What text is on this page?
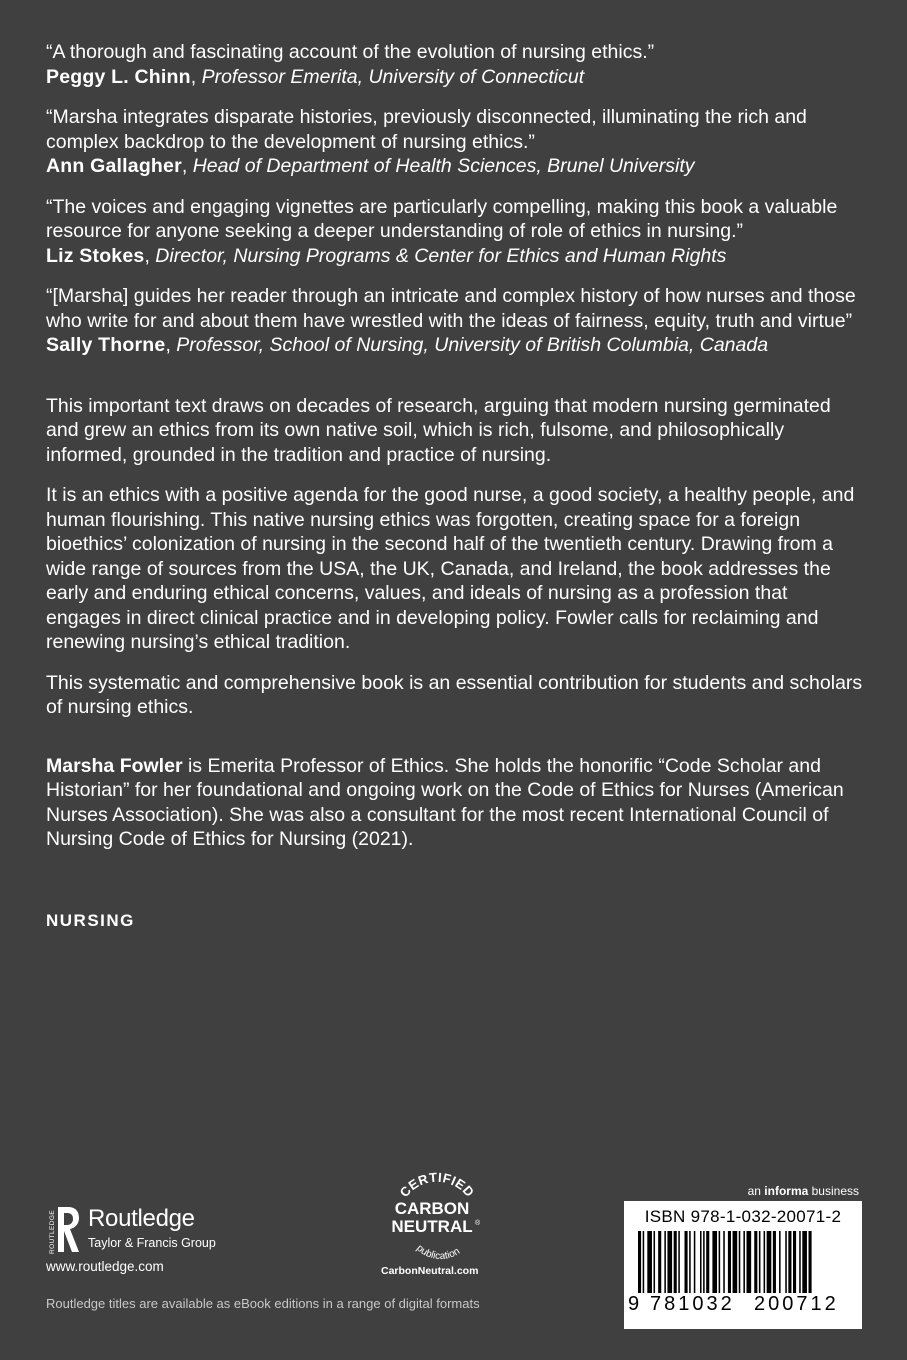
“A thorough and fascinating account of the evolution of nursing ethics.”
Peggy L. Chinn, Professor Emerita, University of Connecticut
“Marsha integrates disparate histories, previously disconnected, illuminating the rich and complex backdrop to the development of nursing ethics.”
Ann Gallagher, Head of Department of Health Sciences, Brunel University
“The voices and engaging vignettes are particularly compelling, making this book a valuable resource for anyone seeking a deeper understanding of role of ethics in nursing.”
Liz Stokes, Director, Nursing Programs & Center for Ethics and Human Rights
“[Marsha] guides her reader through an intricate and complex history of how nurses and those who write for and about them have wrestled with the ideas of fairness, equity, truth and virtue”
Sally Thorne, Professor, School of Nursing, University of British Columbia, Canada

This important text draws on decades of research, arguing that modern nursing germinated and grew an ethics from its own native soil, which is rich, fulsome, and philosophically informed, grounded in the tradition and practice of nursing.

It is an ethics with a positive agenda for the good nurse, a good society, a healthy people, and human flourishing. This native nursing ethics was forgotten, creating space for a foreign bioethics’ colonization of nursing in the second half of the twentieth century. Drawing from a wide range of sources from the USA, the UK, Canada, and Ireland, the book addresses the early and enduring ethical concerns, values, and ideals of nursing as a profession that engages in direct clinical practice and in developing policy. Fowler calls for reclaiming and renewing nursing’s ethical tradition.

This systematic and comprehensive book is an essential contribution for students and scholars of nursing ethics.

Marsha Fowler is Emerita Professor of Ethics. She holds the honorific “Code Scholar and Historian” for her foundational and ongoing work on the Code of Ethics for Nurses (American Nurses Association). She was also a consultant for the most recent International Council of Nursing Code of Ethics for Nursing (2021).

NURSING
ROUTLEDGE Routledge
Taylor & Francis Group
www.routledge.com
Routledge titles are available as eBook editions in a range of digital formats
CERTIFIED
CARBON
NEUTRAL ®
publication
CarbonNeutral.com
an informa business
ISBN 978-1-032-20071-2
9 781032 200712
